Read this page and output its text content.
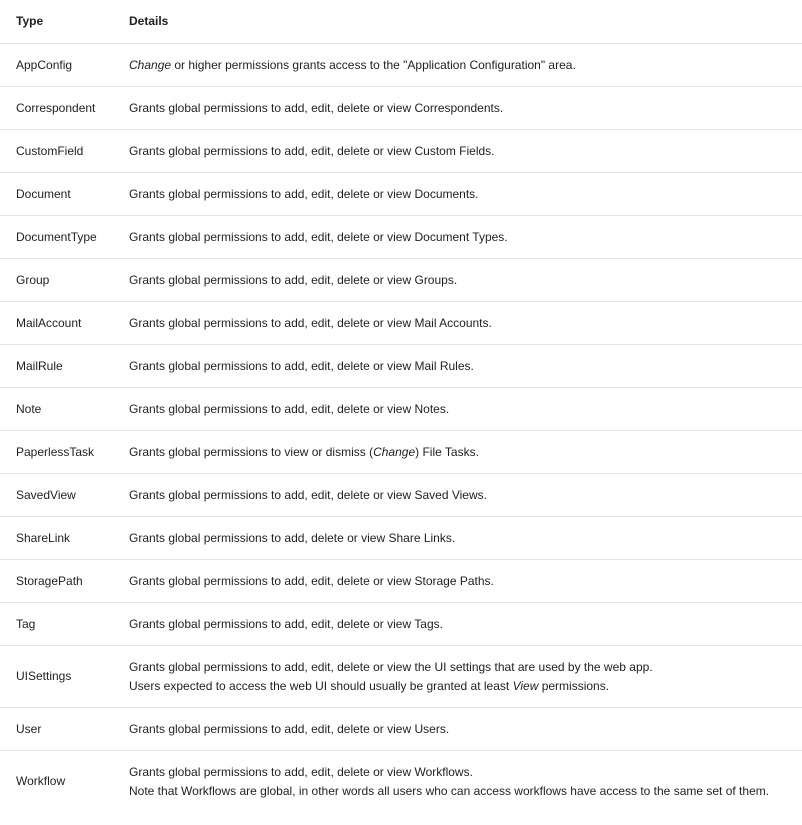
Type	Details
AppConfig	Change or higher permissions grants access to the "Application Configuration" area.
Correspondent	Grants global permissions to add, edit, delete or view Correspondents.
CustomField	Grants global permissions to add, edit, delete or view Custom Fields.
Document	Grants global permissions to add, edit, delete or view Documents.
DocumentType	Grants global permissions to add, edit, delete or view Document Types.
Group	Grants global permissions to add, edit, delete or view Groups.
MailAccount	Grants global permissions to add, edit, delete or view Mail Accounts.
MailRule	Grants global permissions to add, edit, delete or view Mail Rules.
Note	Grants global permissions to add, edit, delete or view Notes.
PaperlessTask	Grants global permissions to view or dismiss (Change) File Tasks.
SavedView	Grants global permissions to add, edit, delete or view Saved Views.
ShareLink	Grants global permissions to add, delete or view Share Links.
StoragePath	Grants global permissions to add, edit, delete or view Storage Paths.
Tag	Grants global permissions to add, edit, delete or view Tags.
UISettings	Grants global permissions to add, edit, delete or view the UI settings that are used by the web app.
Users expected to access the web UI should usually be granted at least View permissions.

User	Grants global permissions to add, edit, delete or view Users.
Workflow	Grants global permissions to add, edit, delete or view Workflows.
Note that Workflows are global, in other words all users who can access workflows have access to the same set of them.
